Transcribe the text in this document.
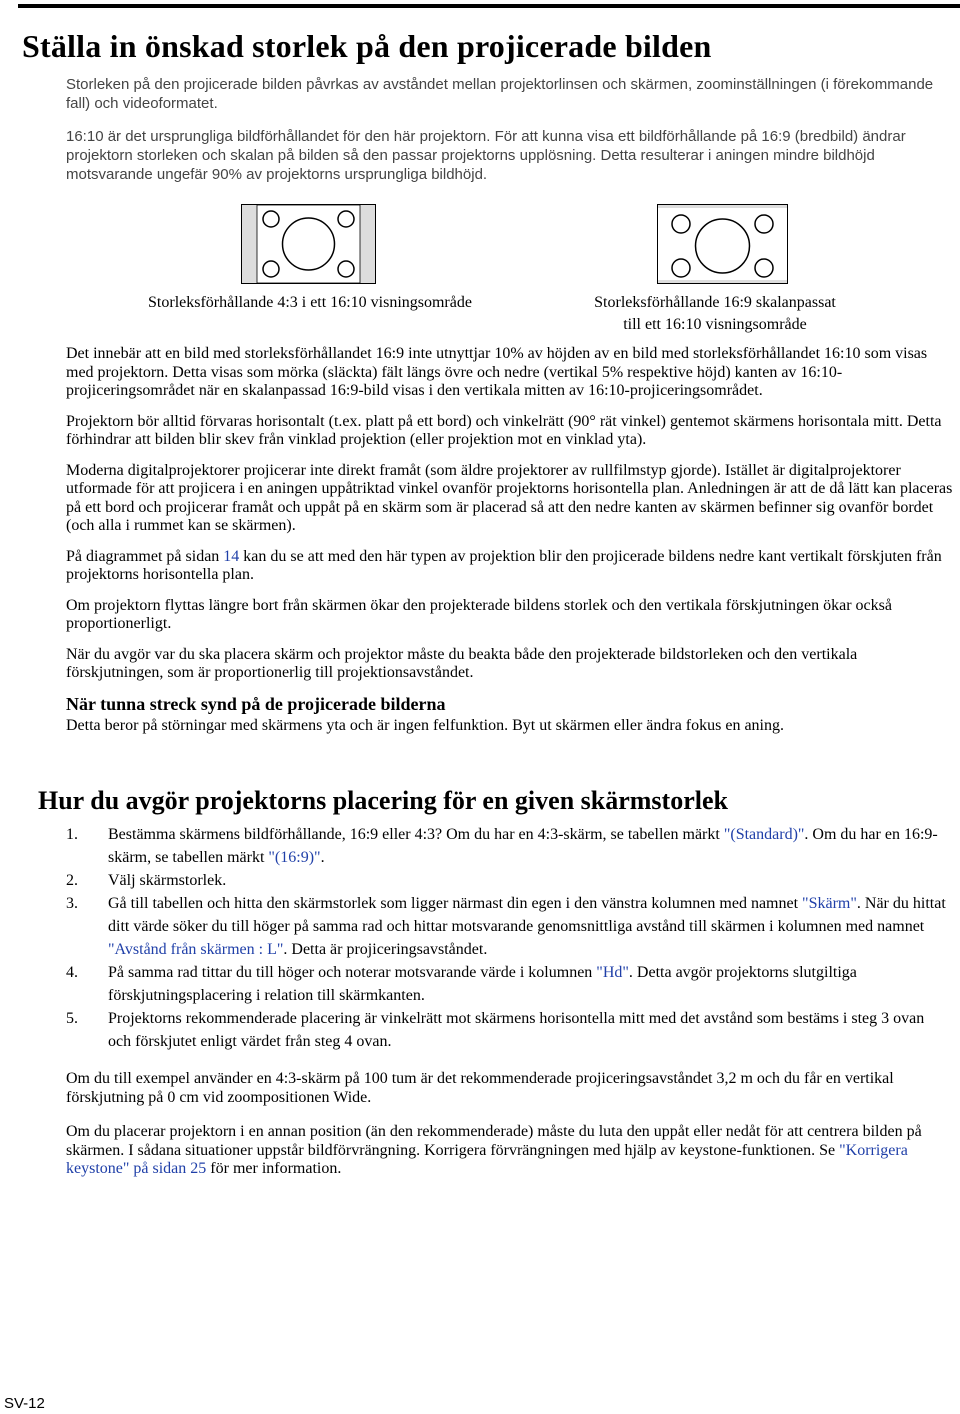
Ställa in önskad storlek på den projicerade bilden

Storleken på den projicerade bilden påvrkas av avståndet mellan projektorlinsen och skärmen, zoominställningen (i förekommande fall) och videoformatet.

16:10 är det ursprungliga bildförhållandet för den här projektorn. För att kunna visa ett bildförhållande på 16:9 (bredbild) ändrar projektorn storleken och skalan på bilden så den passar projektorns upplösning. Detta resulterar i aningen mindre bildhöjd motsvarande ungefär 90% av projektorns ursprungliga bildhöjd.

Storleksförhållande 4:3 i ett 16:10 visningsområde	Storleksförhållande 16:9 skalanpassat
till ett 16:10 visningsområde

Det innebär att en bild med storleksförhållandet 16:9 inte utnyttjar 10% av höjden av en bild med storleksförhållandet 16:10 som visas med projektorn. Detta visas som mörka (släckta) fält längs övre och nedre (vertikal 5% respektive höjd) kanten av 16:10-projiceringsområdet när en skalanpassad 16:9-bild visas i den vertikala mitten av 16:10-projiceringsområdet.

Projektorn bör alltid förvaras horisontalt (t.ex. platt på ett bord) och vinkelrätt (90° rät vinkel) gentemot skärmens horisontala mitt. Detta förhindrar att bilden blir skev från vinklad projektion (eller projektion mot en vinklad yta).

Moderna digitalprojektorer projicerar inte direkt framåt (som äldre projektorer av rullfilmstyp gjorde). Istället är digitalprojektorer utformade för att projicera i en aningen uppåtriktad vinkel ovanför projektorns horisontella plan. Anledningen är att de då lätt kan placeras på ett bord och projicerar framåt och uppåt på en skärm som är placerad så att den nedre kanten av skärmen befinner sig ovanför bordet (och alla i rummet kan se skärmen).

På diagrammet på sidan 14 kan du se att med den här typen av projektion blir den projicerade bildens nedre kant vertikalt förskjuten från projektorns horisontella plan.

Om projektorn flyttas längre bort från skärmen ökar den projekterade bildens storlek och den vertikala förskjutningen ökar också proportionerligt.

När du avgör var du ska placera skärm och projektor måste du beakta både den projekterade bildstorleken och den vertikala förskjutningen, som är proportionerlig till projektionsavståndet.

När tunna streck synd på de projicerade bilderna

Detta beror på störningar med skärmens yta och är ingen felfunktion. Byt ut skärmen eller ändra fokus en aning.

Hur du avgör projektorns placering för en given skärmstorlek
1. Bestämma skärmens bildförhållande, 16:9 eller 4:3? Om du har en 4:3-skärm, se tabellen märkt "(Standard)". Om du har en 16:9-skärm, se tabellen märkt "(16:9)".
2. Välj skärmstorlek.
3. Gå till tabellen och hitta den skärmstorlek som ligger närmast din egen i den vänstra kolumnen med namnet "Skärm". När du hittat ditt värde söker du till höger på samma rad och hittar motsvarande genomsnittliga avstånd till skärmen i kolumnen med namnet "Avstånd från skärmen : L". Detta är projiceringsavståndet.
4. På samma rad tittar du till höger och noterar motsvarande värde i kolumnen "Hd". Detta avgör projektorns slutgiltiga förskjutningsplacering i relation till skärmkanten.
5. Projektorns rekommenderade placering är vinkelrätt mot skärmens horisontella mitt med det avstånd som bestäms i steg 3 ovan och förskjutet enligt värdet från steg 4 ovan.

Om du till exempel använder en 4:3-skärm på 100 tum är det rekommenderade projiceringsavståndet 3,2 m och du får en vertikal förskjutning på 0 cm vid zoompositionen Wide.

Om du placerar projektorn i en annan position (än den rekommenderade) måste du luta den uppåt eller nedåt för att centrera bilden på skärmen. I sådana situationer uppstår bildförvrängning. Korrigera förvrängningen med hjälp av keystone-funktionen. Se "Korrigera keystone" på sidan 25 för mer information.

SV-12
